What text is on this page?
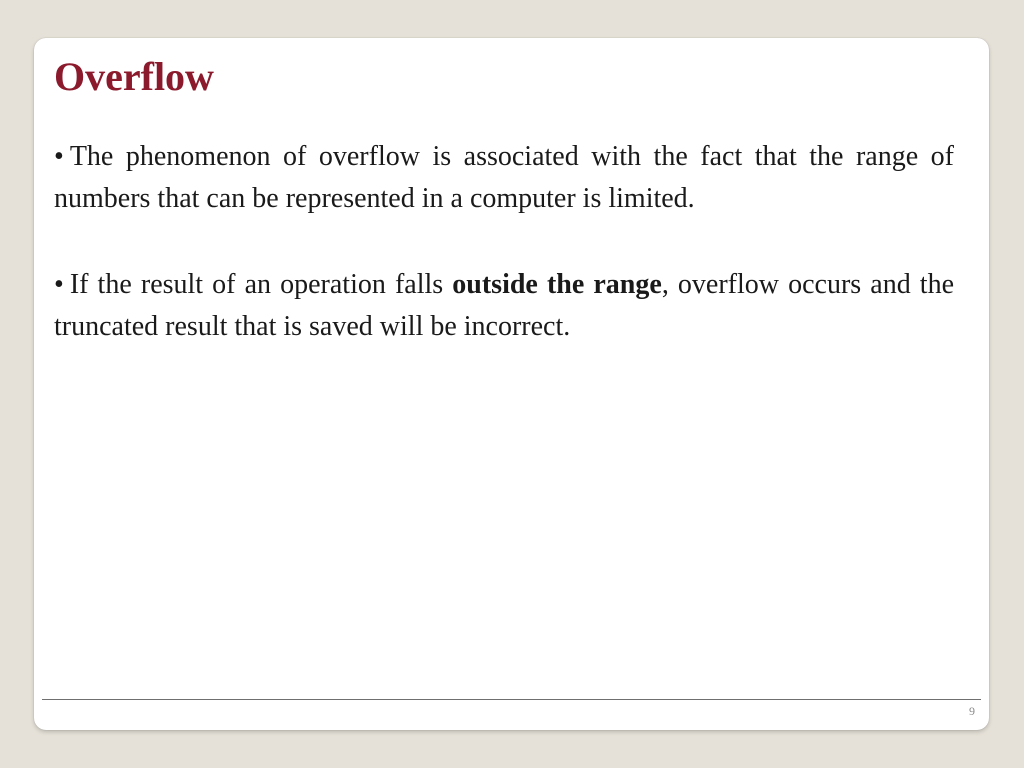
Overflow
• The phenomenon of overflow is associated with the fact that the range of numbers that can be represented in a computer is limited.
• If the result of an operation falls outside the range, overflow occurs and the truncated result that is saved will be incorrect.
9
